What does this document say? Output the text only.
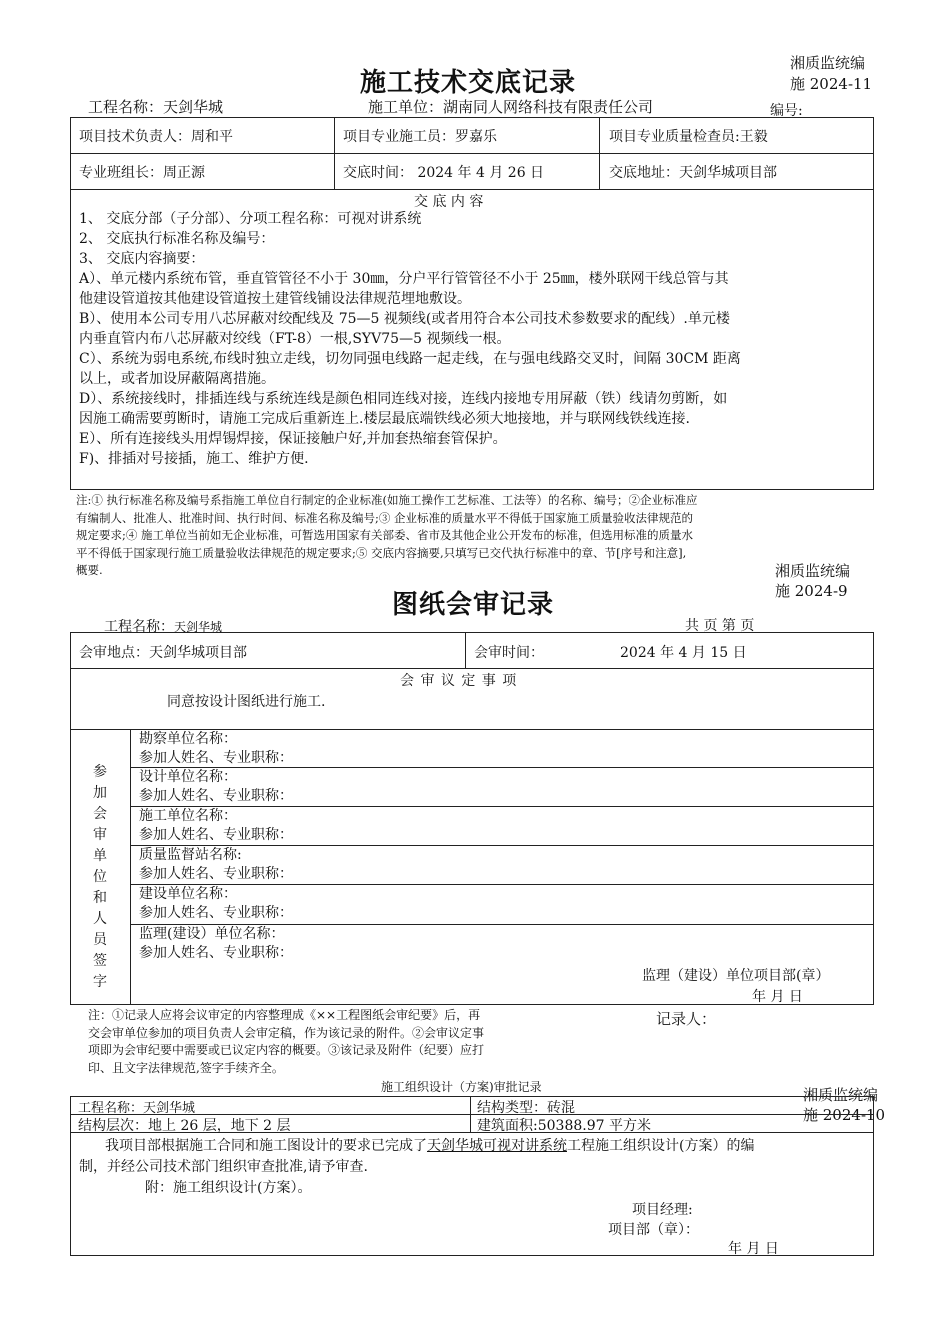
湘质监统编
施 2024-11
施工技术交底记录
工程名称：天剑华城	施工单位：湖南同人网络科技有限责任公司	编号:
项目技术负责人：周和平	项目专业施工员：罗嘉乐	项目专业质量检查员:王毅
专业班组长：周正源	交底时间： 2024 年 4 月 26 日	交底地址：天剑华城项目部
交 底 内 容
1、 交底分部（子分部）、分项工程名称：可视对讲系统
2、 交底执行标准名称及编号：
3、 交底内容摘要：
A）、单元楼内系统布管，垂直管管径不小于 30㎜，分户平行管管径不小于 25㎜，楼外联网干线总管与其
他建设管道按其他建设管道按土建管线铺设法律规范埋地敷设。
B）、使用本公司专用八芯屏蔽对绞配线及 75—5 视频线(或者用符合本公司技术参数要求的配线）.单元楼
内垂直管内布八芯屏蔽对绞线（FT-8）一根,SYV75—5 视频线一根。
C）、系统为弱电系统,布线时独立走线，切勿同强电线路一起走线，在与强电线路交叉时，间隔 30CM 距离
以上，或者加设屏蔽隔离措施。
D）、系统接线时，排插连线与系统连线是颜色相同连线对接，连线内接地专用屏蔽（铁）线请勿剪断，如
因施工确需要剪断时，请施工完成后重新连上.楼层最底端铁线必须大地接地，并与联网线铁线连接.
E）、所有连接线头用焊锡焊接，保证接触户好,并加套热缩套管保护。
F)、排插对号接插，施工、维护方便.
注:① 执行标准名称及编号系指施工单位自行制定的企业标准(如施工操作工艺标准、工法等）的名称、编号；②企业标准应
有编制人、批准人、批准时间、执行时间、标准名称及编号;③ 企业标准的质量水平不得低于国家施工质量验收法律规范的
规定要求;④ 施工单位当前如无企业标准，可暂选用国家有关部委、省市及其他企业公开发布的标准，但选用标准的质量水
平不得低于国家现行施工质量验收法律规范的规定要求;⑤ 交底内容摘要,只填写已交代执行标准中的章、节[序号和注意],
概要.	湘质监统编
施 2024-9
图纸会审记录
工程名称：天剑华城	共 页 第 页
会审地点：天剑华城项目部	会审时间：	2024 年 4 月 15 日
会 审 议 定 事 项
同意按设计图纸进行施工.
参加会审单位和人员签字
勘察单位名称：
参加人姓名、专业职称：
设计单位名称：
参加人姓名、专业职称：
施工单位名称：
参加人姓名、专业职称：
质量监督站名称:
参加人姓名、专业职称：
建设单位名称：
参加人姓名、专业职称：
监理(建设）单位名称：
参加人姓名、专业职称：
监理（建设）单位项目部(章）
年 月 日
注：①记录人应将会议审定的内容整理成《××工程图纸会审纪要》后，再
交会审单位参加的项目负责人会审定稿，作为该记录的附件。②会审议定事
项即为会审纪要中需要或已议定内容的概要。③该记录及附件（纪要）应打
印、且文字法律规范,签字手续齐全。
记录人：
施工组织设计（方案)审批记录	湘质监统编
施 2024-10
工程名称：天剑华城	结构类型：砖混
结构层次：地上 26 层，地下 2 层	建筑面积:50388.97 平方米
我项目部根据施工合同和施工图设计的要求已完成了天剑华城可视对讲系统工程施工组织设计(方案）的编
制，并经公司技术部门组织审查批准,请予审查.
附：施工组织设计(方案）。
项目经理:
项目部（章）：
年 月 日
